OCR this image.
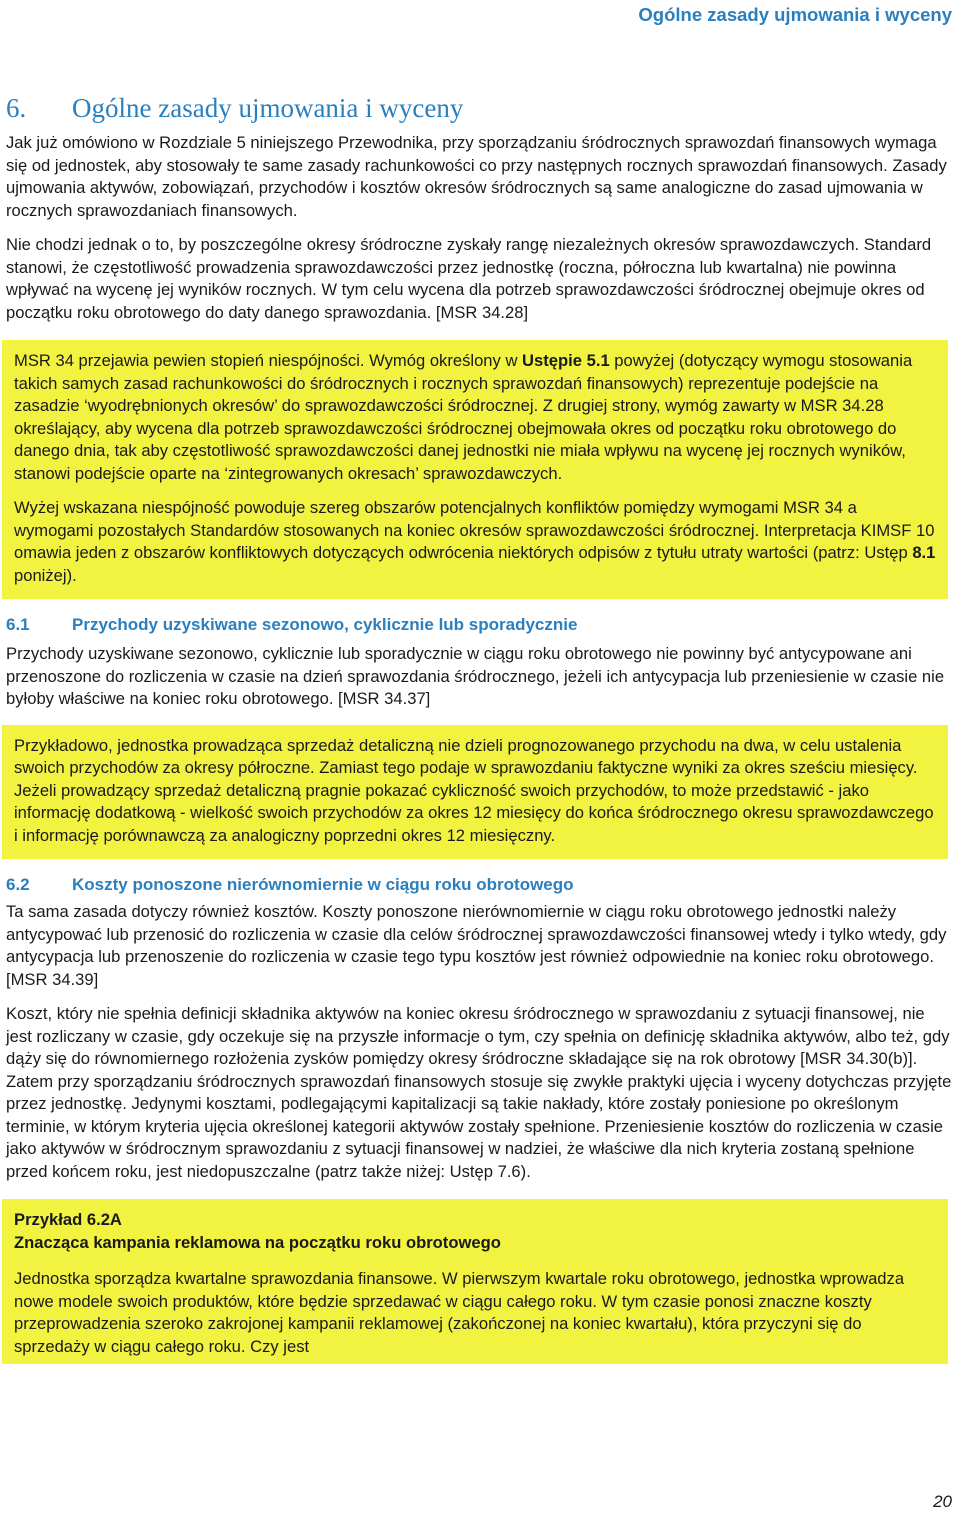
Ogólne zasady ujmowania i wyceny
6. Ogólne zasady ujmowania i wyceny

Jak już omówiono w Rozdziale 5 niniejszego Przewodnika, przy sporządzaniu śródrocznych sprawozdań finansowych wymaga się od jednostek, aby stosowały te same zasady rachunkowości co przy następnych rocznych sprawozdań finansowych. Zasady ujmowania aktywów, zobowiązań, przychodów i kosztów okresów śródrocznych są same analogiczne do zasad ujmowania w rocznych sprawozdaniach finansowych.

Nie chodzi jednak o to, by poszczególne okresy śródroczne zyskały rangę niezależnych okresów sprawozdawczych. Standard stanowi, że częstotliwość prowadzenia sprawozdawczości przez jednostkę (roczna, półroczna lub kwartalna) nie powinna wpływać na wycenę jej wyników rocznych. W tym celu wycena dla potrzeb sprawozdawczości śródrocznej obejmuje okres od początku roku obrotowego do daty danego sprawozdania. [MSR 34.28]

MSR 34 przejawia pewien stopień niespójności. Wymóg określony w Ustępie 5.1 powyżej (dotyczący wymogu stosowania takich samych zasad rachunkowości do śródrocznych i rocznych sprawozdań finansowych) reprezentuje podejście na zasadzie ‘wyodrębnionych okresów’ do sprawozdawczości śródrocznej. Z drugiej strony, wymóg zawarty w MSR 34.28 określający, aby wycena dla potrzeb sprawozdawczości śródrocznej obejmowała okres od początku roku obrotowego do danego dnia, tak aby częstotliwość sprawozdawczości danej jednostki nie miała wpływu na wycenę jej rocznych wyników, stanowi podejście oparte na ‘zintegrowanych okresach’ sprawozdawczych.

Wyżej wskazana niespójność powoduje szereg obszarów potencjalnych konfliktów pomiędzy wymogami MSR 34 a wymogami pozostałych Standardów stosowanych na koniec okresów sprawozdawczości śródrocznej. Interpretacja KIMSF 10 omawia jeden z obszarów konfliktowych dotyczących odwrócenia niektórych odpisów z tytułu utraty wartości (patrz: Ustęp 8.1 poniżej).

6.1 Przychody uzyskiwane sezonowo, cyklicznie lub sporadycznie

Przychody uzyskiwane sezonowo, cyklicznie lub sporadycznie w ciągu roku obrotowego nie powinny być antycypowane ani przenoszone do rozliczenia w czasie na dzień sprawozdania śródrocznego, jeżeli ich antycypacja lub przeniesienie w czasie nie byłoby właściwe na koniec roku obrotowego. [MSR 34.37]

Przykładowo, jednostka prowadząca sprzedaż detaliczną nie dzieli prognozowanego przychodu na dwa, w celu ustalenia swoich przychodów za okresy półroczne. Zamiast tego podaje w sprawozdaniu faktyczne wyniki za okres sześciu miesięcy. Jeżeli prowadzący sprzedaż detaliczną pragnie pokazać cykliczność swoich przychodów, to może przedstawić - jako informację dodatkową - wielkość swoich przychodów za okres 12 miesięcy do końca śródrocznego okresu sprawozdawczego i informację porównawczą za analogiczny poprzedni okres 12 miesięczny.

6.2 Koszty ponoszone nierównomiernie w ciągu roku obrotowego

Ta sama zasada dotyczy również kosztów. Koszty ponoszone nierównomiernie w ciągu roku obrotowego jednostki należy antycypować lub przenosić do rozliczenia w czasie dla celów śródrocznej sprawozdawczości finansowej wtedy i tylko wtedy, gdy antycypacja lub przenoszenie do rozliczenia w czasie tego typu kosztów jest również odpowiednie na koniec roku obrotowego. [MSR 34.39]

Koszt, który nie spełnia definicji składnika aktywów na koniec okresu śródrocznego w sprawozdaniu z sytuacji finansowej, nie jest rozliczany w czasie, gdy oczekuje się na przyszłe informacje o tym, czy spełnia on definicję składnika aktywów, albo też, gdy dąży się do równomiernego rozłożenia zysków pomiędzy okresy śródroczne składające się na rok obrotowy [MSR 34.30(b)]. Zatem przy sporządzaniu śródrocznych sprawozdań finansowych stosuje się zwykłe praktyki ujęcia i wyceny dotychczas przyjęte przez jednostkę. Jedynymi kosztami, podlegającymi kapitalizacji są takie nakłady, które zostały poniesione po określonym terminie, w którym kryteria ujęcia określonej kategorii aktywów zostały spełnione. Przeniesienie kosztów do rozliczenia w czasie jako aktywów w śródrocznym sprawozdaniu z sytuacji finansowej w nadziei, że właściwe dla nich kryteria zostaną spełnione przed końcem roku, jest niedopuszczalne (patrz także niżej: Ustęp 7.6).

Przykład 6.2A

Znacząca kampania reklamowa na początku roku obrotowego

Jednostka sporządza kwartalne sprawozdania finansowe. W pierwszym kwartale roku obrotowego, jednostka wprowadza nowe modele swoich produktów, które będzie sprzedawać w ciągu całego roku. W tym czasie ponosi znaczne koszty przeprowadzenia szeroko zakrojonej kampanii reklamowej (zakończonej na koniec kwartału), która przyczyni się do sprzedaży w ciągu całego roku. Czy jest

20
